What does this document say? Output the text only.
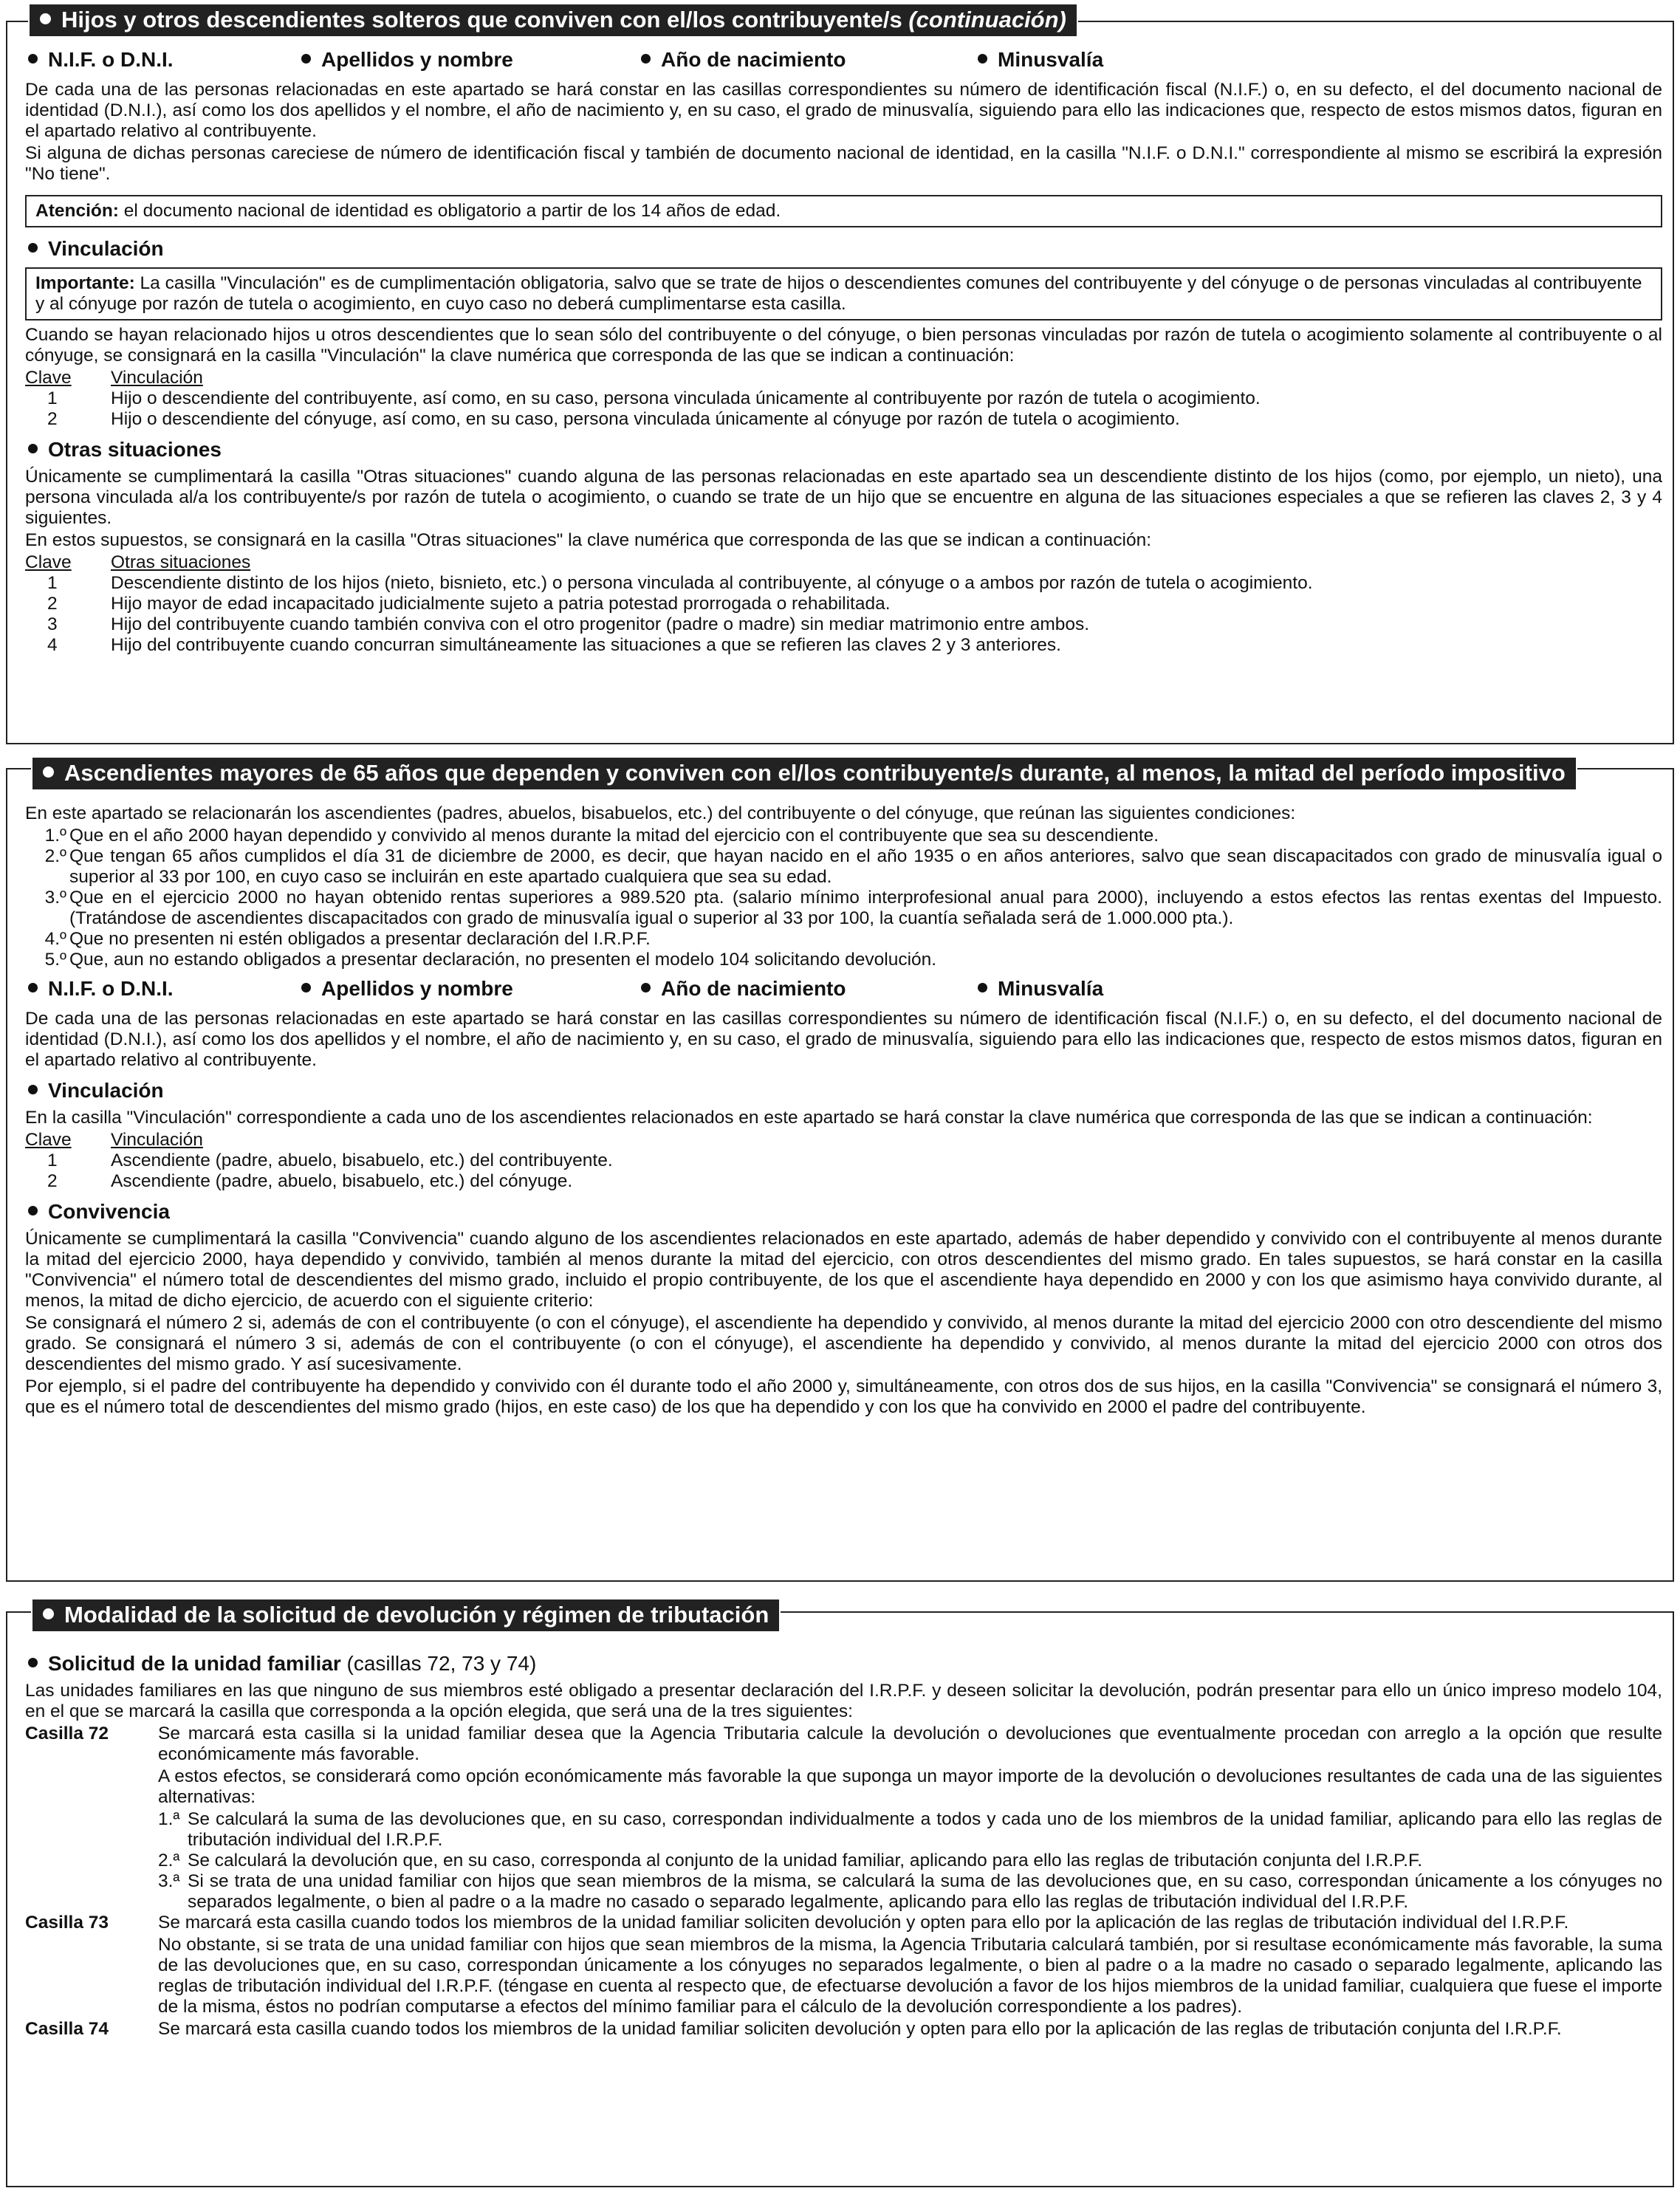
Hijos y otros descendientes solteros que conviven con el/los contribuyente/s (continuación)
N.I.F. o D.N.I.	Apellidos y nombre	Año de nacimiento	Minusvalía

De cada una de las personas relacionadas en este apartado se hará constar en las casillas correspondientes su número de identificación fiscal (N.I.F.) o, en su defecto, el del documento nacional de identidad (D.N.I.), así como los dos apellidos y el nombre, el año de nacimiento y, en su caso, el grado de minusvalía, siguiendo para ello las indicaciones que, respecto de estos mismos datos, figuran en el apartado relativo al contribuyente.

Si alguna de dichas personas careciese de número de identificación fiscal y también de documento nacional de identidad, en la casilla "N.I.F. o D.N.I." correspondiente al mismo se escribirá la expresión "No tiene".

Atención: el documento nacional de identidad es obligatorio a partir de los 14 años de edad.
Vinculación
Importante: La casilla "Vinculación" es de cumplimentación obligatoria, salvo que se trate de hijos o descendientes comunes del contribuyente y del cónyuge o de personas vinculadas al contribuyente y al cónyuge por razón de tutela o acogimiento, en cuyo caso no deberá cumplimentarse esta casilla.

Cuando se hayan relacionado hijos u otros descendientes que lo sean sólo del contribuyente o del cónyuge, o bien personas vinculadas por razón de tutela o acogimiento solamente al contribuyente o al cónyuge, se consignará en la casilla "Vinculación" la clave numérica que corresponda de las que se indican a continuación:

Clave	Vinculación
1	Hijo o descendiente del contribuyente, así como, en su caso, persona vinculada únicamente al contribuyente por razón de tutela o acogimiento.
2	Hijo o descendiente del cónyuge, así como, en su caso, persona vinculada únicamente al cónyuge por razón de tutela o acogimiento.
Otras situaciones

Únicamente se cumplimentará la casilla "Otras situaciones" cuando alguna de las personas relacionadas en este apartado sea un descendiente distinto de los hijos (como, por ejemplo, un nieto), una persona vinculada al/a los contribuyente/s por razón de tutela o acogimiento, o cuando se trate de un hijo que se encuentre en alguna de las situaciones especiales a que se refieren las claves 2, 3 y 4 siguientes.

En estos supuestos, se consignará en la casilla "Otras situaciones" la clave numérica que corresponda de las que se indican a continuación:

Clave	Otras situaciones
1	Descendiente distinto de los hijos (nieto, bisnieto, etc.) o persona vinculada al contribuyente, al cónyuge o a ambos por razón de tutela o acogimiento.
2	Hijo mayor de edad incapacitado judicialmente sujeto a patria potestad prorrogada o rehabilitada.
3	Hijo del contribuyente cuando también conviva con el otro progenitor (padre o madre) sin mediar matrimonio entre ambos.
4	Hijo del contribuyente cuando concurran simultáneamente las situaciones a que se refieren las claves 2 y 3 anteriores.
Ascendientes mayores de 65 años que dependen y conviven con el/los contribuyente/s durante, al menos, la mitad del período impositivo

En este apartado se relacionarán los ascendientes (padres, abuelos, bisabuelos, etc.) del contribuyente o del cónyuge, que reúnan las siguientes condiciones:

1.º Que en el año 2000 hayan dependido y convivido al menos durante la mitad del ejercicio con el contribuyente que sea su descendiente.
2.º Que tengan 65 años cumplidos el día 31 de diciembre de 2000, es decir, que hayan nacido en el año 1935 o en años anteriores, salvo que sean discapacitados con grado de minusvalía igual o superior al 33 por 100, en cuyo caso se incluirán en este apartado cualquiera que sea su edad.
3.º Que en el ejercicio 2000 no hayan obtenido rentas superiores a 989.520 pta. (salario mínimo interprofesional anual para 2000), incluyendo a estos efectos las rentas exentas del Impuesto. (Tratándose de ascendientes discapacitados con grado de minusvalía igual o superior al 33 por 100, la cuantía señalada será de 1.000.000 pta.).
4.º Que no presenten ni estén obligados a presentar declaración del I.R.P.F.
5.º Que, aun no estando obligados a presentar declaración, no presenten el modelo 104 solicitando devolución.
N.I.F. o D.N.I.	Apellidos y nombre	Año de nacimiento	Minusvalía

De cada una de las personas relacionadas en este apartado se hará constar en las casillas correspondientes su número de identificación fiscal (N.I.F.) o, en su defecto, el del documento nacional de identidad (D.N.I.), así como los dos apellidos y el nombre, el año de nacimiento y, en su caso, el grado de minusvalía, siguiendo para ello las indicaciones que, respecto de estos mismos datos, figuran en el apartado relativo al contribuyente.

Vinculación

En la casilla "Vinculación" correspondiente a cada uno de los ascendientes relacionados en este apartado se hará constar la clave numérica que corresponda de las que se indican a continuación:

Clave	Vinculación
1	Ascendiente (padre, abuelo, bisabuelo, etc.) del contribuyente.
2	Ascendiente (padre, abuelo, bisabuelo, etc.) del cónyuge.
Convivencia

Únicamente se cumplimentará la casilla "Convivencia" cuando alguno de los ascendientes relacionados en este apartado, además de haber dependido y convivido con el contribuyente al menos durante la mitad del ejercicio 2000, haya dependido y convivido, también al menos durante la mitad del ejercicio, con otros descendientes del mismo grado. En tales supuestos, se hará constar en la casilla "Convivencia" el número total de descendientes del mismo grado, incluido el propio contribuyente, de los que el ascendiente haya dependido en 2000 y con los que asimismo haya convivido durante, al menos, la mitad de dicho ejercicio, de acuerdo con el siguiente criterio:

Se consignará el número 2 si, además de con el contribuyente (o con el cónyuge), el ascendiente ha dependido y convivido, al menos durante la mitad del ejercicio 2000 con otro descendiente del mismo grado. Se consignará el número 3 si, además de con el contribuyente (o con el cónyuge), el ascendiente ha dependido y convivido, al menos durante la mitad del ejercicio 2000 con otros dos descendientes del mismo grado. Y así sucesivamente.

Por ejemplo, si el padre del contribuyente ha dependido y convivido con él durante todo el año 2000 y, simultáneamente, con otros dos de sus hijos, en la casilla "Convivencia" se consignará el número 3, que es el número total de descendientes del mismo grado (hijos, en este caso) de los que ha dependido y con los que ha convivido en 2000 el padre del contribuyente.

Modalidad de la solicitud de devolución y régimen de tributación
Solicitud de la unidad familiar (casillas 72, 73 y 74)

Las unidades familiares en las que ninguno de sus miembros esté obligado a presentar declaración del I.R.P.F. y deseen solicitar la devolución, podrán presentar para ello un único impreso modelo 104, en el que se marcará la casilla que corresponda a la opción elegida, que será una de la tres siguientes:

Casilla 72	Se marcará esta casilla si la unidad familiar desea que la Agencia Tributaria calcule la devolución o devoluciones que eventualmente procedan con arreglo a la opción que resulte económicamente más favorable.

A estos efectos, se considerará como opción económicamente más favorable la que suponga un mayor importe de la devolución o devoluciones resultantes de cada una de las siguientes alternativas:

1.ª Se calculará la suma de las devoluciones que, en su caso, correspondan individualmente a todos y cada uno de los miembros de la unidad familiar, aplicando para ello las reglas de tributación individual del I.R.P.F.
2.ª Se calculará la devolución que, en su caso, corresponda al conjunto de la unidad familiar, aplicando para ello las reglas de tributación conjunta del I.R.P.F.
3.ª Si se trata de una unidad familiar con hijos que sean miembros de la misma, se calculará la suma de las devoluciones que, en su caso, correspondan únicamente a los cónyuges no separados legalmente, o bien al padre o a la madre no casado o separado legalmente, aplicando para ello las reglas de tributación individual del I.R.P.F.
Casilla 73	Se marcará esta casilla cuando todos los miembros de la unidad familiar soliciten devolución y opten para ello por la aplicación de las reglas de tributación individual del I.R.P.F.

No obstante, si se trata de una unidad familiar con hijos que sean miembros de la misma, la Agencia Tributaria calculará también, por si resultase económicamente más favorable, la suma de las devoluciones que, en su caso, correspondan únicamente a los cónyuges no separados legalmente, o bien al padre o a la madre no casado o separado legalmente, aplicando las reglas de tributación individual del I.R.P.F. (téngase en cuenta al respecto que, de efectuarse devolución a favor de los hijos miembros de la unidad familiar, cualquiera que fuese el importe de la misma, éstos no podrían computarse a efectos del mínimo familiar para el cálculo de la devolución correspondiente a los padres).

Casilla 74	Se marcará esta casilla cuando todos los miembros de la unidad familiar soliciten devolución y opten para ello por la aplicación de las reglas de tributación conjunta del I.R.P.F.
